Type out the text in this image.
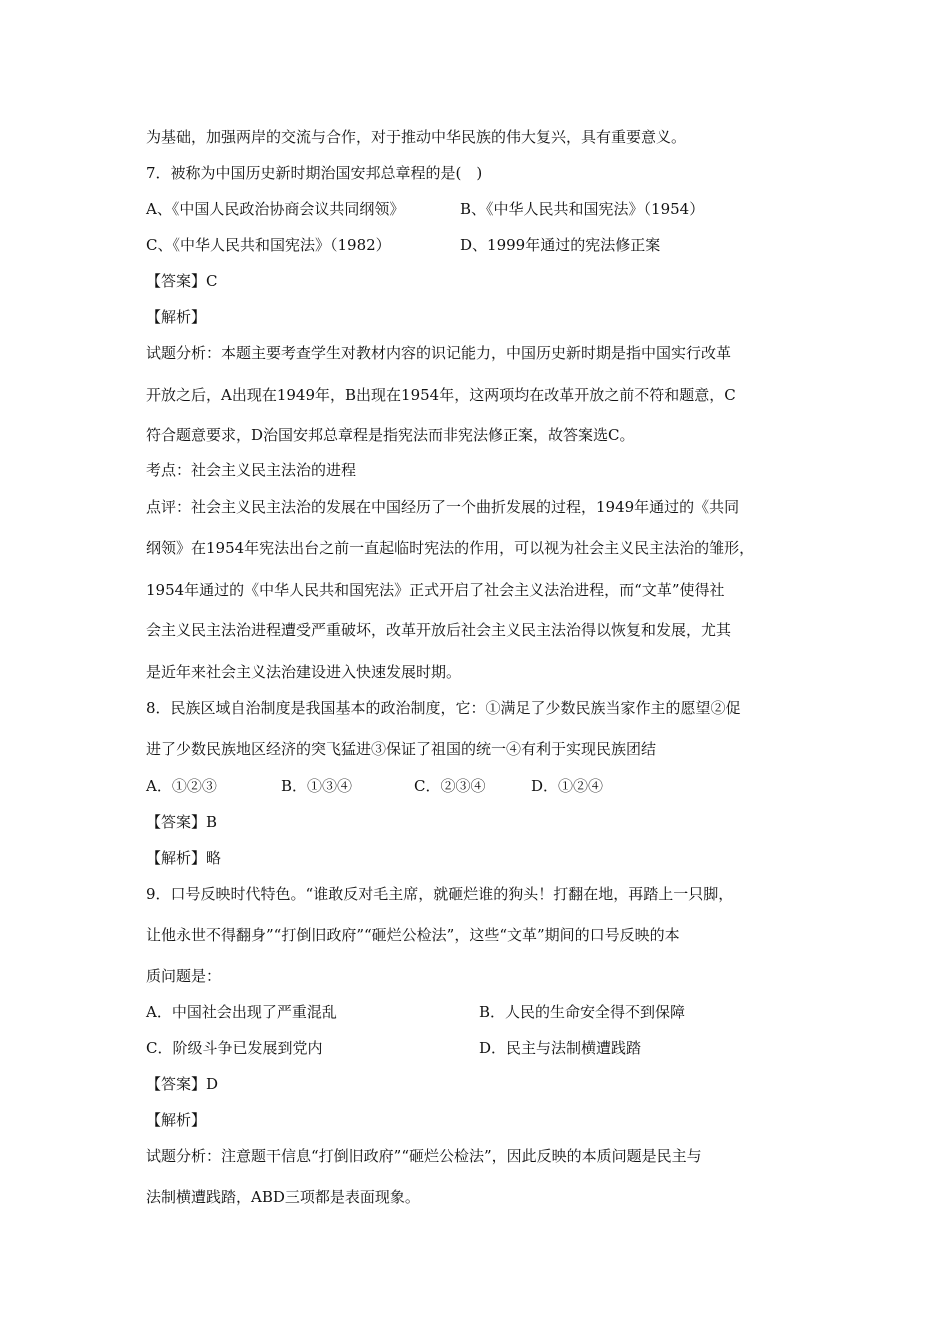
为基础，加强两岸的交流与合作，对于推动中华民族的伟大复兴，具有重要意义。
7．被称为中国历史新时期治国安邦总章程的是(　)
A、《中国人民政治协商会议共同纲领》	B、《中华人民共和国宪法》（1954）
C、《中华人民共和国宪法》（1982）	D、1999年通过的宪法修正案
【答案】C
【解析】
试题分析：本题主要考查学生对教材内容的识记能力，中国历史新时期是指中国实行改革
开放之后，A出现在1949年，B出现在1954年，这两项均在改革开放之前不符和题意，C
符合题意要求，D治国安邦总章程是指宪法而非宪法修正案，故答案选C。
考点：社会主义民主法治的进程
点评：社会主义民主法治的发展在中国经历了一个曲折发展的过程，1949年通过的《共同
纲领》在1954年宪法出台之前一直起临时宪法的作用，可以视为社会主义民主法治的雏形，
1954年通过的《中华人民共和国宪法》正式开启了社会主义法治进程，而“文革”使得社
会主义民主法治进程遭受严重破坏，改革开放后社会主义民主法治得以恢复和发展，尤其
是近年来社会主义法治建设进入快速发展时期。
8．民族区域自治制度是我国基本的政治制度，它：①满足了少数民族当家作主的愿望②促
进了少数民族地区经济的突飞猛进③保证了祖国的统一④有利于实现民族团结
A．①②③	B．①③④	C．②③④	D．①②④
【答案】B
【解析】略
9．口号反映时代特色。“谁敢反对毛主席，就砸烂谁的狗头！打翻在地，再踏上一只脚，
让他永世不得翻身”“打倒旧政府”“砸烂公检法”，这些“文革”期间的口号反映的本
质问题是：
A．中国社会出现了严重混乱	B．人民的生命安全得不到保障
C．阶级斗争已发展到党内	D．民主与法制横遭践踏
【答案】D
【解析】
试题分析：注意题干信息“打倒旧政府”“砸烂公检法”，因此反映的本质问题是民主与
法制横遭践踏，ABD三项都是表面现象。
